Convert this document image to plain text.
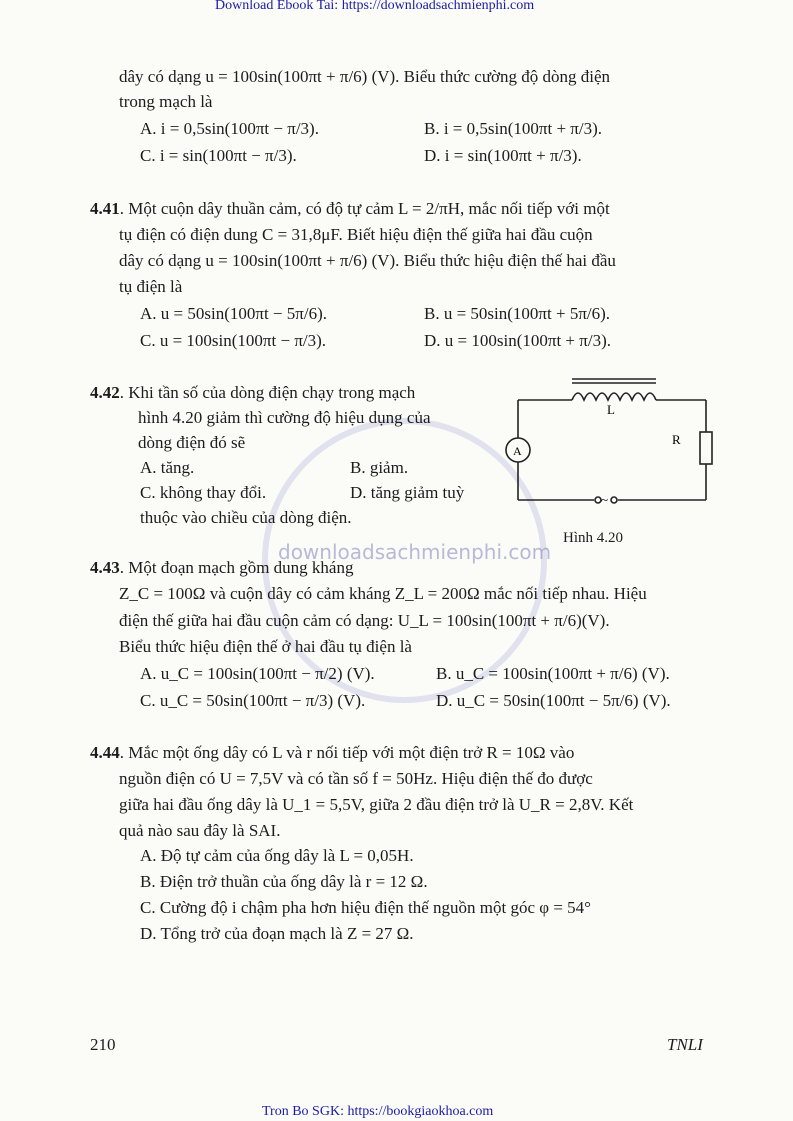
Download Ebook Tai: https://downloadsachmienphi.com
Tron Bo SGK: https://bookgiaokhoa.com
210	TNLI
downloadsachmienphi.com
dây có dạng u = 100sin(100πt + π/6) (V). Biểu thức cường độ dòng điện
trong mạch là
A. i = 0,5sin(100πt − π/3).	B. i = 0,5sin(100πt + π/3).
C. i = sin(100πt − π/3).	D. i = sin(100πt + π/3).
4.41. Một cuộn dây thuần cảm, có độ tự cảm L = 2/πH, mắc nối tiếp với một
tụ điện có điện dung C = 31,8μF. Biết hiệu điện thế giữa hai đầu cuộn
dây có dạng u = 100sin(100πt + π/6) (V). Biểu thức hiệu điện thế hai đầu
tụ điện là
A. u = 50sin(100πt − 5π/6).	B. u = 50sin(100πt + 5π/6).
C. u = 100sin(100πt − π/3).	D. u = 100sin(100πt + π/3).
4.42. Khi tần số của dòng điện chạy trong mạch
hình 4.20 giảm thì cường độ hiệu dụng của
dòng điện đó sẽ
A. tăng.	B. giảm.
C. không thay đổi.	D. tăng giảm tuỳ
thuộc vào chiều của dòng điện.
L
R
A
~
Hình 4.20
4.43. Một đoạn mạch gồm dung kháng
Z_C = 100Ω và cuộn dây có cảm kháng Z_L = 200Ω mắc nối tiếp nhau. Hiệu
điện thế giữa hai đầu cuộn cảm có dạng: U_L = 100sin(100πt + π/6)(V).
Biểu thức hiệu điện thế ở hai đầu tụ điện là
A. u_C = 100sin(100πt − π/2) (V).	B. u_C = 100sin(100πt + π/6) (V).
C. u_C = 50sin(100πt − π/3) (V).	D. u_C = 50sin(100πt − 5π/6) (V).
4.44. Mắc một ống dây có L và r nối tiếp với một điện trở R = 10Ω vào
nguồn điện có U = 7,5V và có tần số f = 50Hz. Hiệu điện thế đo được
giữa hai đầu ống dây là U_1 = 5,5V, giữa 2 đầu điện trở là U_R = 2,8V. Kết
quả nào sau đây là SAI.
A. Độ tự cảm của ống dây là L = 0,05H.
B. Điện trở thuần của ống dây là r = 12 Ω.
C. Cường độ i chậm pha hơn hiệu điện thế nguồn một góc φ = 54°
D. Tổng trở của đoạn mạch là Z = 27 Ω.
